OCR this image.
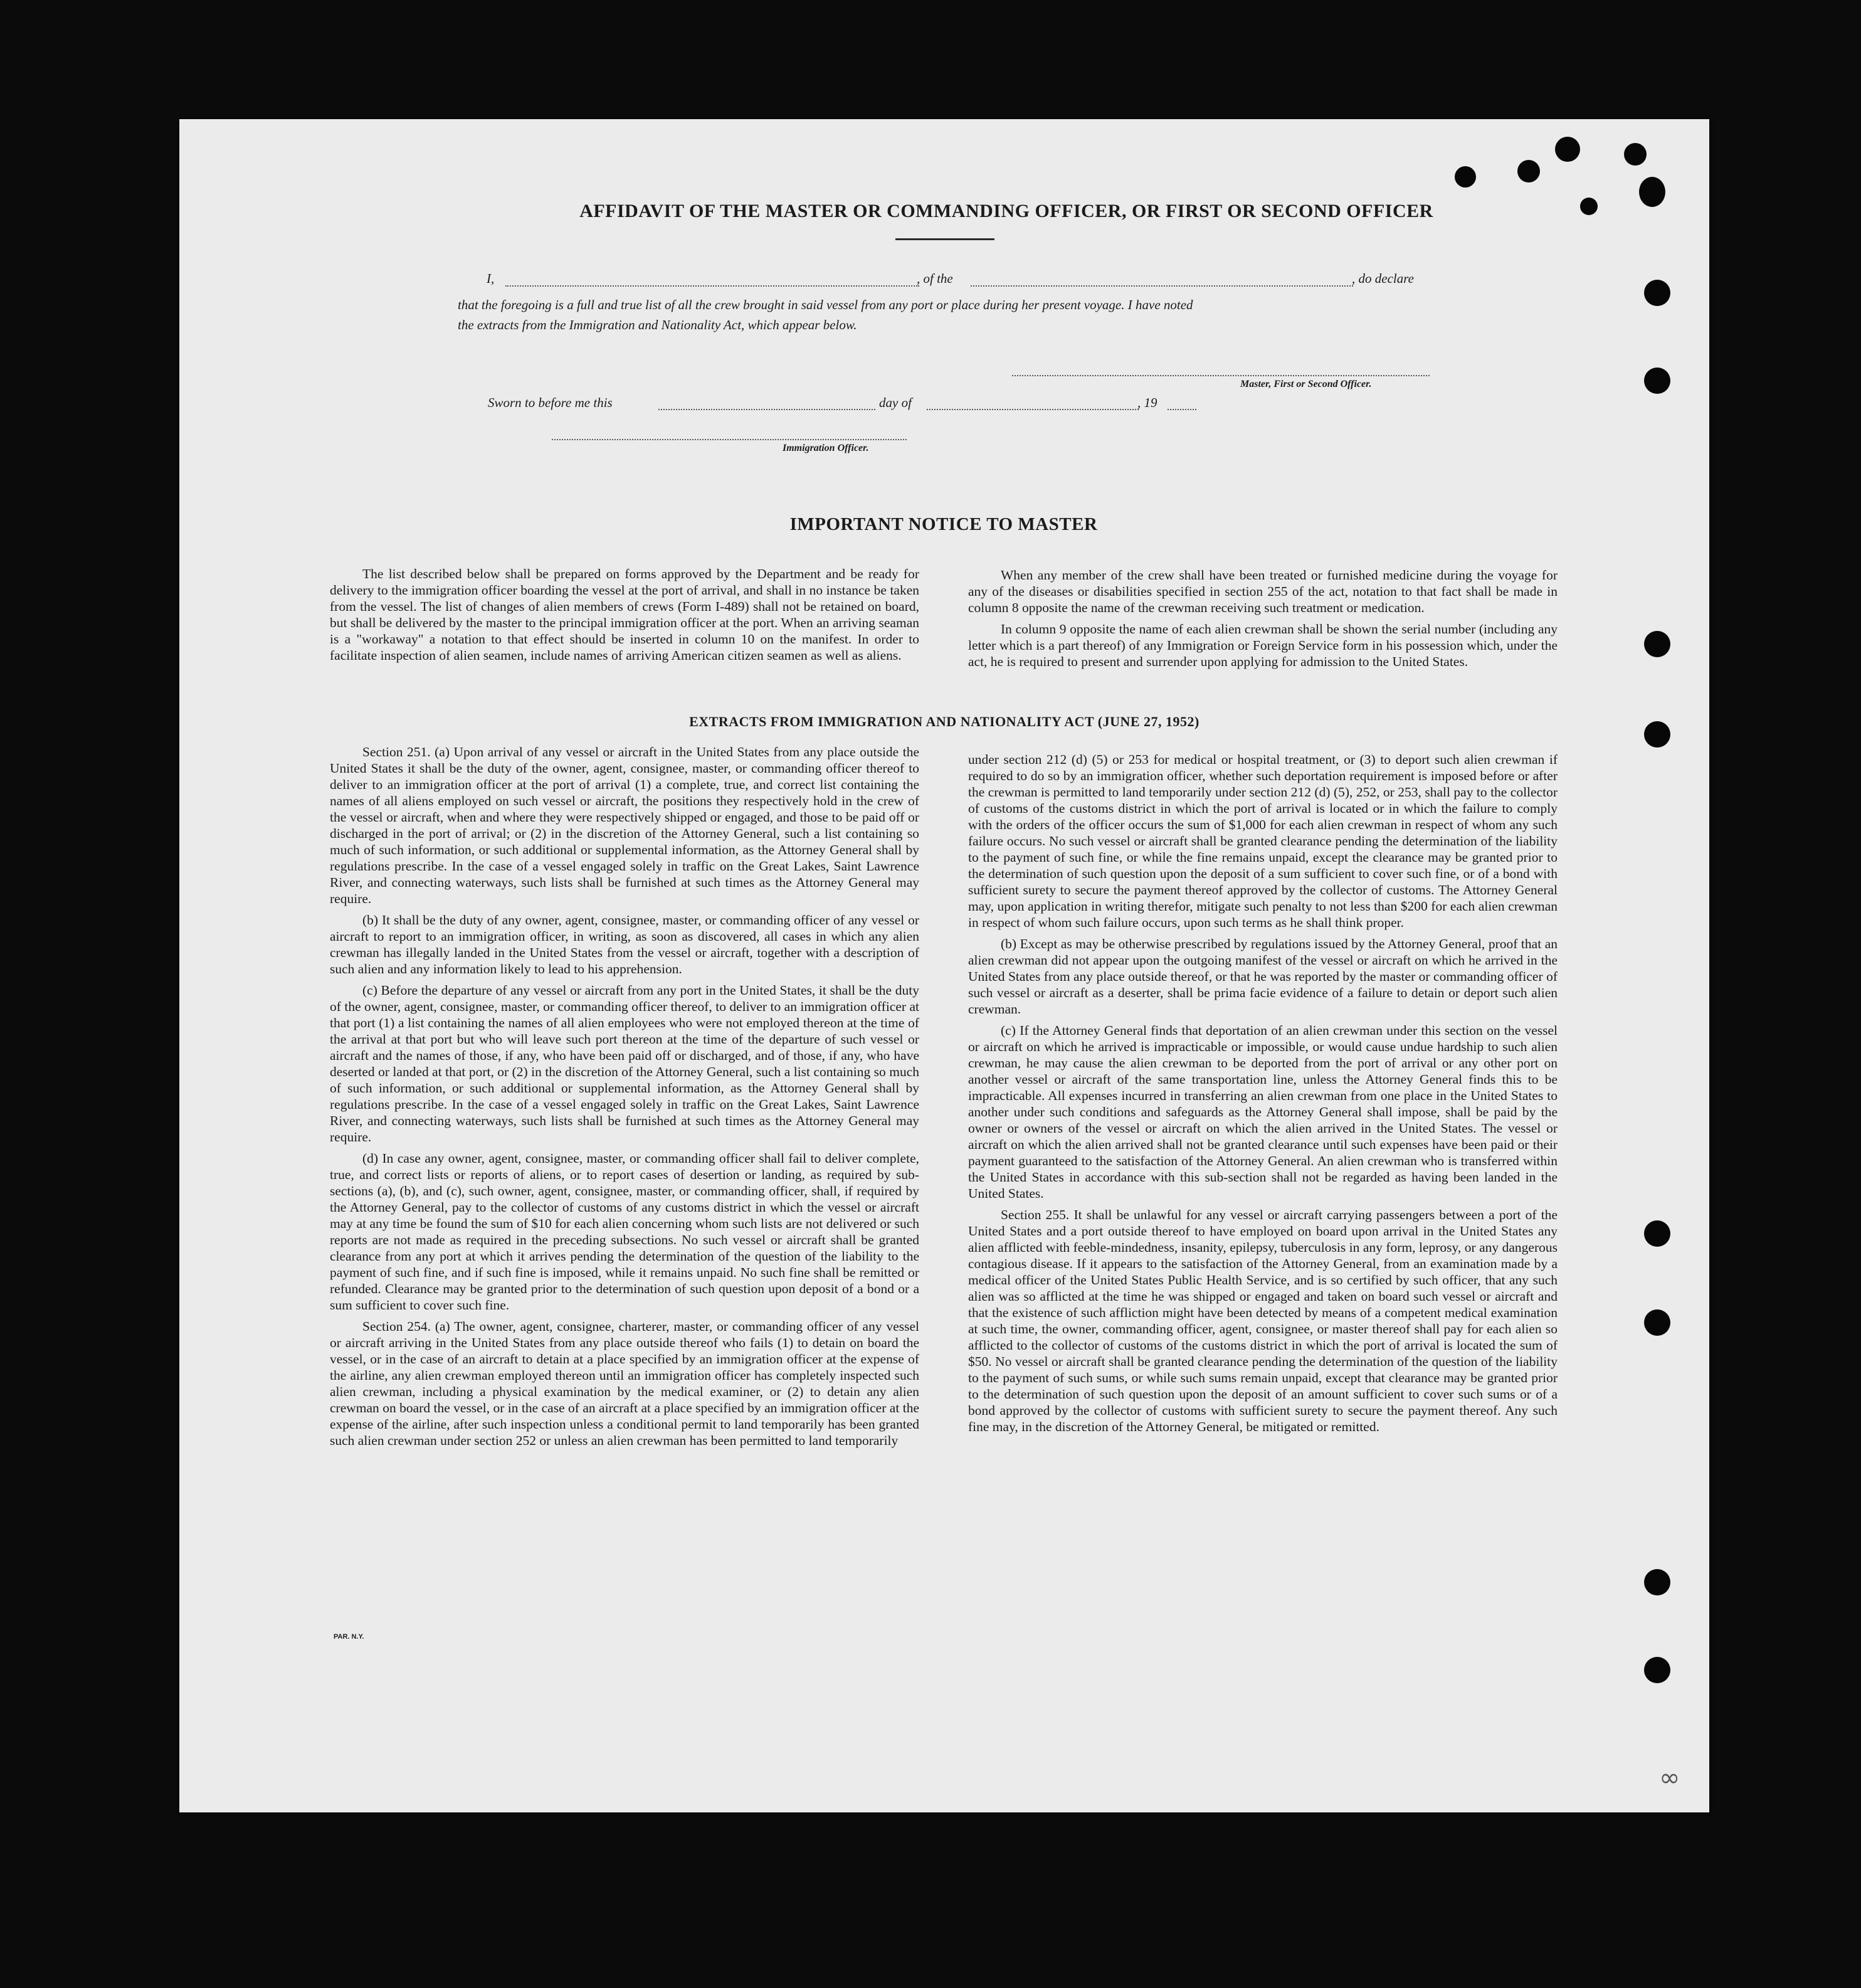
AFFIDAVIT OF THE MASTER OR COMMANDING OFFICER, OR FIRST OR SECOND OFFICER
I,	, of the	, do declare
that the foregoing is a full and true list of all the crew brought in said vessel from any port or place during her present voyage. I have noted
the extracts from the Immigration and Nationality Act, which appear below.
Master, First or Second Officer.
Sworn to before me this	day of	, 19
Immigration Officer.
IMPORTANT NOTICE TO MASTER

The list described below shall be prepared on forms approved by the Department and be ready for delivery to the immigration officer boarding the vessel at the port of arrival, and shall in no instance be taken from the vessel. The list of changes of alien members of crews (Form I-489) shall not be retained on board, but shall be delivered by the master to the principal immigration officer at the port. When an arriving seaman is a "workaway" a notation to that effect should be inserted in column 10 on the manifest. In order to facilitate inspection of alien seamen, include names of arriving American citizen seamen as well as aliens.

When any member of the crew shall have been treated or furnished medicine during the voyage for any of the diseases or disabilities specified in section 255 of the act, notation to that fact shall be made in column 8 opposite the name of the crewman receiving such treatment or medication.

In column 9 opposite the name of each alien crewman shall be shown the serial number (including any letter which is a part thereof) of any Immigration or Foreign Service form in his possession which, under the act, he is required to present and surrender upon applying for admission to the United States.

EXTRACTS FROM IMMIGRATION AND NATIONALITY ACT (JUNE 27, 1952)

Section 251. (a) Upon arrival of any vessel or aircraft in the United States from any place outside the United States it shall be the duty of the owner, agent, consignee, master, or commanding officer thereof to deliver to an immigration officer at the port of arrival (1) a complete, true, and correct list containing the names of all aliens employed on such vessel or aircraft, the positions they respectively hold in the crew of the vessel or aircraft, when and where they were respectively shipped or engaged, and those to be paid off or discharged in the port of arrival; or (2) in the discretion of the Attorney General, such a list containing so much of such information, or such additional or supplemental information, as the Attorney General shall by regulations prescribe. In the case of a vessel engaged solely in traffic on the Great Lakes, Saint Lawrence River, and connecting waterways, such lists shall be furnished at such times as the Attorney General may require.

(b) It shall be the duty of any owner, agent, consignee, master, or commanding officer of any vessel or aircraft to report to an immigration officer, in writing, as soon as discovered, all cases in which any alien crewman has illegally landed in the United States from the vessel or aircraft, together with a description of such alien and any information likely to lead to his apprehension.

(c) Before the departure of any vessel or aircraft from any port in the United States, it shall be the duty of the owner, agent, consignee, master, or commanding officer thereof, to deliver to an immigration officer at that port (1) a list containing the names of all alien employees who were not employed thereon at the time of the arrival at that port but who will leave such port thereon at the time of the departure of such vessel or aircraft and the names of those, if any, who have been paid off or discharged, and of those, if any, who have deserted or landed at that port, or (2) in the discretion of the Attorney General, such a list containing so much of such information, or such additional or supplemental information, as the Attorney General shall by regulations prescribe. In the case of a vessel engaged solely in traffic on the Great Lakes, Saint Lawrence River, and connecting waterways, such lists shall be furnished at such times as the Attorney General may require.

(d) In case any owner, agent, consignee, master, or commanding officer shall fail to deliver complete, true, and correct lists or reports of aliens, or to report cases of desertion or landing, as required by sub-sections (a), (b), and (c), such owner, agent, consignee, master, or commanding officer, shall, if required by the Attorney General, pay to the collector of customs of any customs district in which the vessel or aircraft may at any time be found the sum of $10 for each alien concerning whom such lists are not delivered or such reports are not made as required in the preceding subsections. No such vessel or aircraft shall be granted clearance from any port at which it arrives pending the determination of the question of the liability to the payment of such fine, and if such fine is imposed, while it remains unpaid. No such fine shall be remitted or refunded. Clearance may be granted prior to the determination of such question upon deposit of a bond or a sum sufficient to cover such fine.

Section 254. (a) The owner, agent, consignee, charterer, master, or commanding officer of any vessel or aircraft arriving in the United States from any place outside thereof who fails (1) to detain on board the vessel, or in the case of an aircraft to detain at a place specified by an immigration officer at the expense of the airline, any alien crewman employed thereon until an immigration officer has completely inspected such alien crewman, including a physical examination by the medical examiner, or (2) to detain any alien crewman on board the vessel, or in the case of an aircraft at a place specified by an immigration officer at the expense of the airline, after such inspection unless a conditional permit to land temporarily has been granted such alien crewman under section 252 or unless an alien crewman has been permitted to land temporarily

under section 212 (d) (5) or 253 for medical or hospital treatment, or (3) to deport such alien crewman if required to do so by an immigration officer, whether such deportation requirement is imposed before or after the crewman is permitted to land temporarily under section 212 (d) (5), 252, or 253, shall pay to the collector of customs of the customs district in which the port of arrival is located or in which the failure to comply with the orders of the officer occurs the sum of $1,000 for each alien crewman in respect of whom any such failure occurs. No such vessel or aircraft shall be granted clearance pending the determination of the liability to the payment of such fine, or while the fine remains unpaid, except the clearance may be granted prior to the determination of such question upon the deposit of a sum sufficient to cover such fine, or of a bond with sufficient surety to secure the payment thereof approved by the collector of customs. The Attorney General may, upon application in writing therefor, mitigate such penalty to not less than $200 for each alien crewman in respect of whom such failure occurs, upon such terms as he shall think proper.

(b) Except as may be otherwise prescribed by regulations issued by the Attorney General, proof that an alien crewman did not appear upon the outgoing manifest of the vessel or aircraft on which he arrived in the United States from any place outside thereof, or that he was reported by the master or commanding officer of such vessel or aircraft as a deserter, shall be prima facie evidence of a failure to detain or deport such alien crewman.

(c) If the Attorney General finds that deportation of an alien crewman under this section on the vessel or aircraft on which he arrived is impracticable or impossible, or would cause undue hardship to such alien crewman, he may cause the alien crewman to be deported from the port of arrival or any other port on another vessel or aircraft of the same transportation line, unless the Attorney General finds this to be impracticable. All expenses incurred in transferring an alien crewman from one place in the United States to another under such conditions and safeguards as the Attorney General shall impose, shall be paid by the owner or owners of the vessel or aircraft on which the alien arrived in the United States. The vessel or aircraft on which the alien arrived shall not be granted clearance until such expenses have been paid or their payment guaranteed to the satisfaction of the Attorney General. An alien crewman who is transferred within the United States in accordance with this sub-section shall not be regarded as having been landed in the United States.

Section 255. It shall be unlawful for any vessel or aircraft carrying passengers between a port of the United States and a port outside thereof to have employed on board upon arrival in the United States any alien afflicted with feeble-mindedness, insanity, epilepsy, tuberculosis in any form, leprosy, or any dangerous contagious disease. If it appears to the satisfaction of the Attorney General, from an examination made by a medical officer of the United States Public Health Service, and is so certified by such officer, that any such alien was so afflicted at the time he was shipped or engaged and taken on board such vessel or aircraft and that the existence of such affliction might have been detected by means of a competent medical examination at such time, the owner, commanding officer, agent, consignee, or master thereof shall pay for each alien so afflicted to the collector of customs of the customs district in which the port of arrival is located the sum of $50. No vessel or aircraft shall be granted clearance pending the determination of the question of the liability to the payment of such sums, or while such sums remain unpaid, except that clearance may be granted prior to the determination of such question upon the deposit of an amount sufficient to cover such sums or of a bond approved by the collector of customs with sufficient surety to secure the payment thereof. Any such fine may, in the discretion of the Attorney General, be mitigated or remitted.

PAR. N.Y.
∞
